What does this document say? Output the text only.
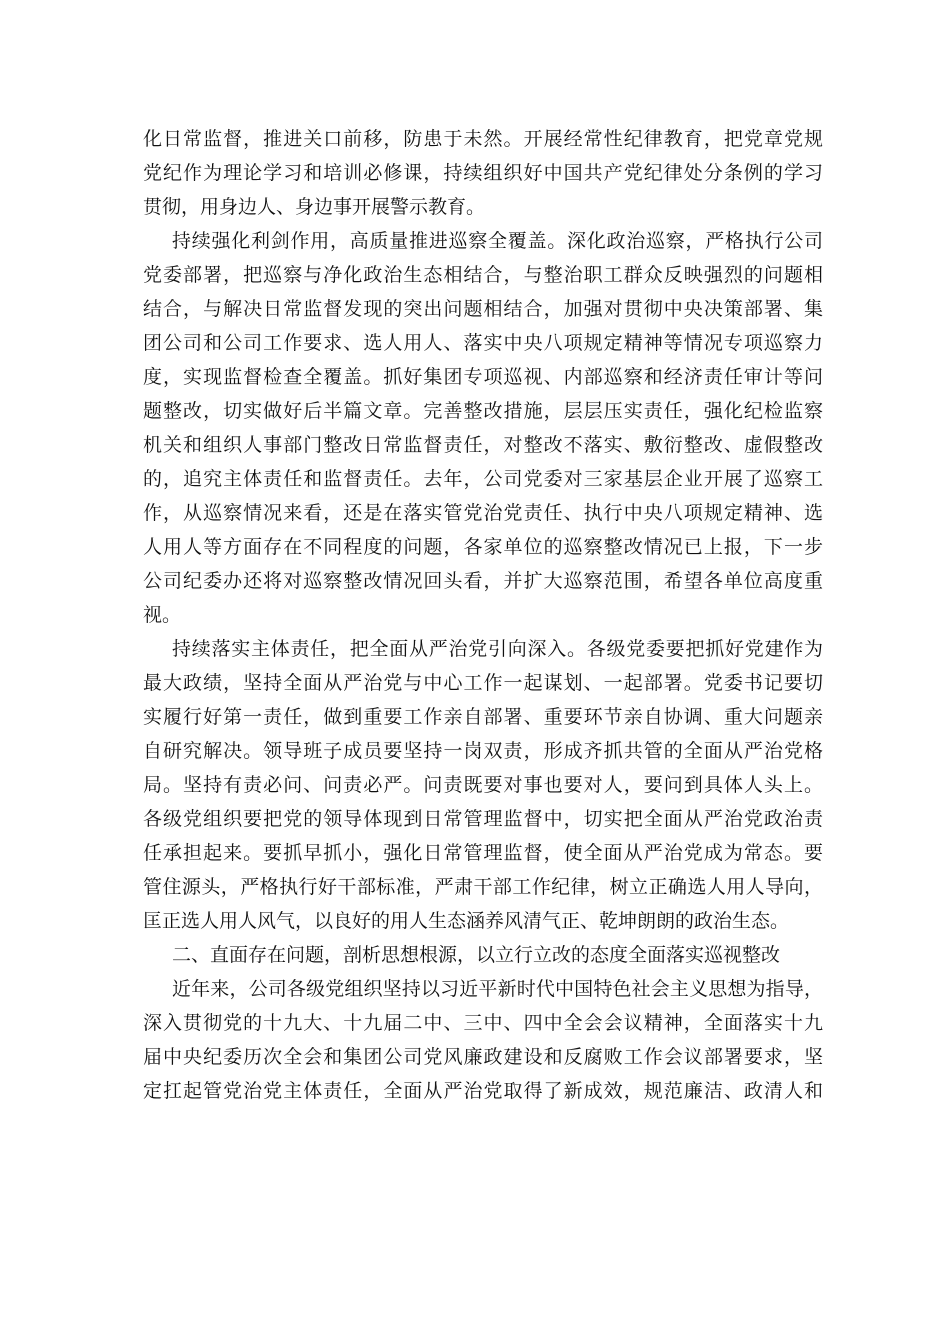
化日常监督，推进关口前移，防患于未然。开展经常性纪律教育，把党章党规
党纪作为理论学习和培训必修课，持续组织好中国共产党纪律处分条例的学习
贯彻，用身边人、身边事开展警示教育。
持续强化利剑作用，高质量推进巡察全覆盖。深化政治巡察，严格执行公司
党委部署，把巡察与净化政治生态相结合，与整治职工群众反映强烈的问题相
结合，与解决日常监督发现的突出问题相结合，加强对贯彻中央决策部署、集
团公司和公司工作要求、选人用人、落实中央八项规定精神等情况专项巡察力
度，实现监督检查全覆盖。抓好集团专项巡视、内部巡察和经济责任审计等问
题整改，切实做好后半篇文章。完善整改措施，层层压实责任，强化纪检监察
机关和组织人事部门整改日常监督责任，对整改不落实、敷衍整改、虚假整改
的，追究主体责任和监督责任。去年，公司党委对三家基层企业开展了巡察工
作，从巡察情况来看，还是在落实管党治党责任、执行中央八项规定精神、选
人用人等方面存在不同程度的问题，各家单位的巡察整改情况已上报，下一步
公司纪委办还将对巡察整改情况回头看，并扩大巡察范围，希望各单位高度重
视。
持续落实主体责任，把全面从严治党引向深入。各级党委要把抓好党建作为
最大政绩，坚持全面从严治党与中心工作一起谋划、一起部署。党委书记要切
实履行好第一责任，做到重要工作亲自部署、重要环节亲自协调、重大问题亲
自研究解决。领导班子成员要坚持一岗双责，形成齐抓共管的全面从严治党格
局。坚持有责必问、问责必严。问责既要对事也要对人，要问到具体人头上。
各级党组织要把党的领导体现到日常管理监督中，切实把全面从严治党政治责
任承担起来。要抓早抓小，强化日常管理监督，使全面从严治党成为常态。要
管住源头，严格执行好干部标准，严肃干部工作纪律，树立正确选人用人导向，
匡正选人用人风气，以良好的用人生态涵养风清气正、乾坤朗朗的政治生态。
二、直面存在问题，剖析思想根源，以立行立改的态度全面落实巡视整改
近年来，公司各级党组织坚持以习近平新时代中国特色社会主义思想为指导，
深入贯彻党的十九大、十九届二中、三中、四中全会会议精神，全面落实十九
届中央纪委历次全会和集团公司党风廉政建设和反腐败工作会议部署要求，坚
定扛起管党治党主体责任，全面从严治党取得了新成效，规范廉洁、政清人和
